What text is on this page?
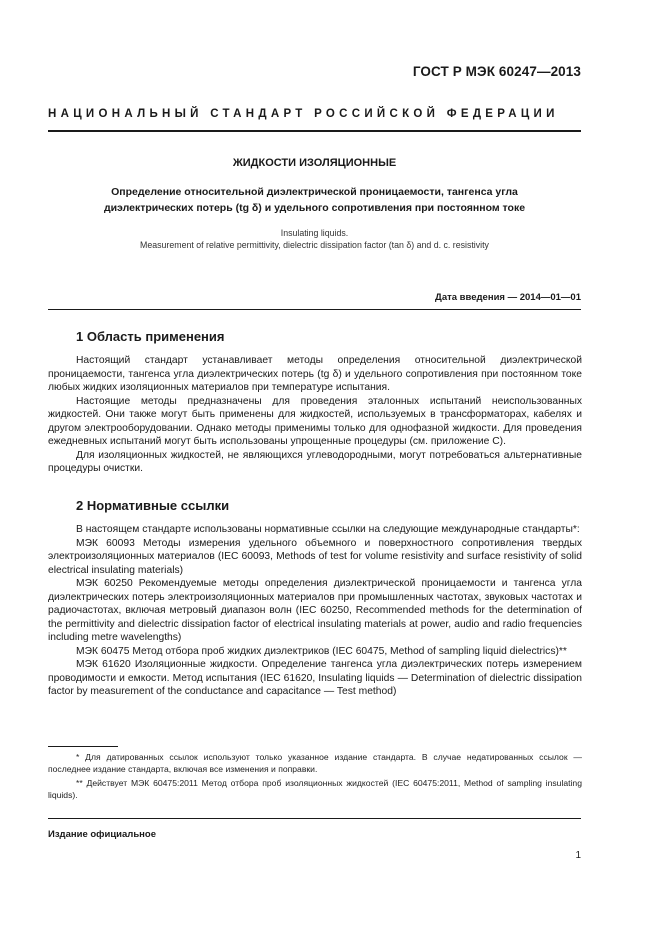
ГОСТ Р МЭК 60247—2013
НАЦИОНАЛЬНЫЙ СТАНДАРТ РОССИЙСКОЙ ФЕДЕРАЦИИ
ЖИДКОСТИ ИЗОЛЯЦИОННЫЕ
Определение относительной диэлектрической проницаемости, тангенса угла
диэлектрических потерь (tg δ) и удельного сопротивления при постоянном токе
Insulating liquids.
Measurement of relative permittivity, dielectric dissipation factor (tan δ) and d. c. resistivity
Дата введения — 2014—01—01
1 Область применения

Настоящий стандарт устанавливает методы определения относительной диэлектрической проницаемости, тангенса угла диэлектрических потерь (tg δ) и удельного сопротивления при постоянном токе любых жидких изоляционных материалов при температуре испытания.

Настоящие методы предназначены для проведения эталонных испытаний неиспользованных жидкостей. Они также могут быть применены для жидкостей, используемых в трансформаторах, кабелях и другом электрооборудовании. Однако методы применимы только для однофазной жидкости. Для проведения ежедневных испытаний могут быть использованы упрощенные процедуры (см. приложение С).

Для изоляционных жидкостей, не являющихся углеводородными, могут потребоваться альтернативные процедуры очистки.

2 Нормативные ссылки

В настоящем стандарте использованы нормативные ссылки на следующие международные стандарты*:

МЭК 60093 Методы измерения удельного объемного и поверхностного сопротивления твердых электроизоляционных материалов (IEC 60093, Methods of test for volume resistivity and surface resistivity of solid electrical insulating materials)

МЭК 60250 Рекомендуемые методы определения диэлектрической проницаемости и тангенса угла диэлектрических потерь электроизоляционных материалов при промышленных частотах, звуковых частотах и радиочастотах, включая метровый диапазон волн (IEC 60250, Recommended methods for the determination of the permittivity and dielectric dissipation factor of electrical insulating materials at power, audio and radio frequencies including metre wavelengths)

МЭК 60475 Метод отбора проб жидких диэлектриков (IEC 60475, Method of sampling liquid dielectrics)**

МЭК 61620 Изоляционные жидкости. Определение тангенса угла диэлектрических потерь измерением проводимости и емкости. Метод испытания (IEC 61620, Insulating liquids — Determination of dielectric dissipation factor by measurement of the conductance and capacitance — Test method)

* Для датированных ссылок используют только указанное издание стандарта. В случае недатированных ссылок — последнее издание стандарта, включая все изменения и поправки.

** Действует МЭК 60475:2011 Метод отбора проб изоляционных жидкостей (IEC 60475:2011, Method of sampling insulating liquids).

Издание официальное
1
